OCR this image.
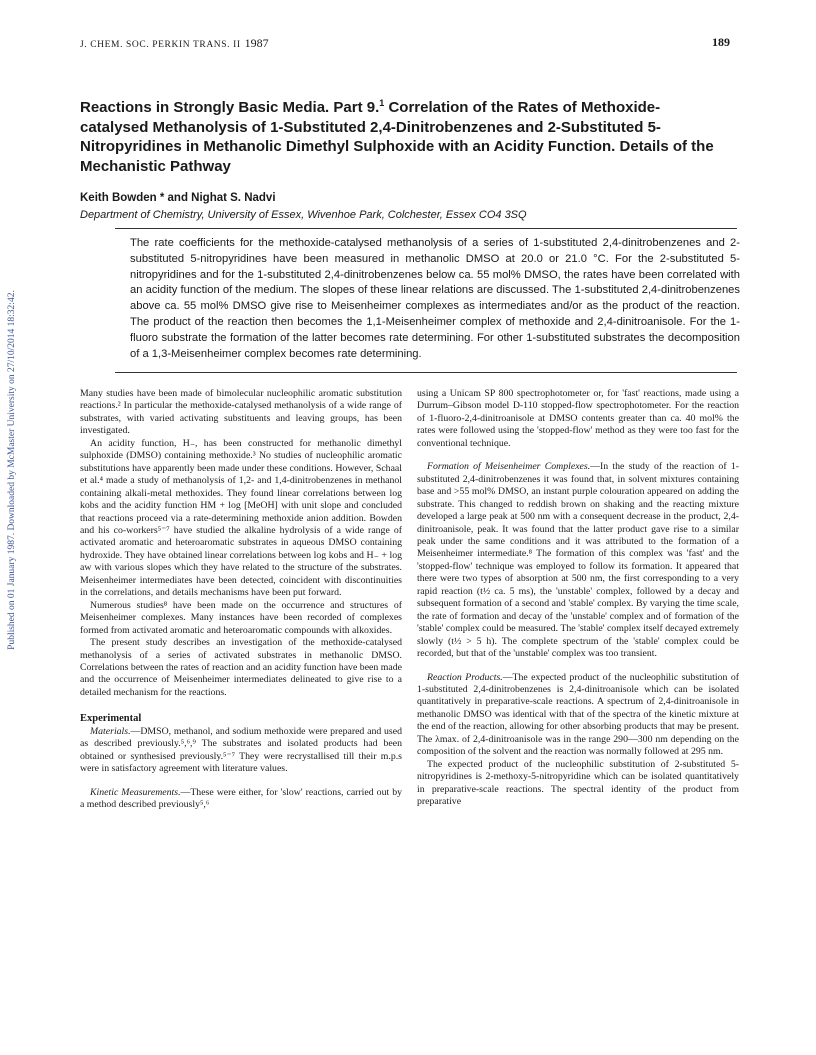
Published on 01 January 1987. Downloaded by McMaster University on 27/10/2014 18:32:42.
J. CHEM. SOC. PERKIN TRANS. II 1987	189
Reactions in Strongly Basic Media. Part 9.$^1$ Correlation of the Rates of Methoxide-catalysed Methanolysis of 1-Substituted 2,4-Dinitrobenzenes and 2-Substituted 5-Nitropyridines in Methanolic Dimethyl Sulphoxide with an Acidity Function. Details of the Mechanistic Pathway
Keith Bowden * and Nighat S. Nadvi
Department of Chemistry, University of Essex, Wivenhoe Park, Colchester, Essex CO4 3SQ

The rate coefficients for the methoxide-catalysed methanolysis of a series of 1-substituted 2,4-dinitrobenzenes and 2-substituted 5-nitropyridines have been measured in methanolic DMSO at 20.0 or 21.0 °C. For the 2-substituted 5-nitropyridines and for the 1-substituted 2,4-dinitrobenzenes below ca. 55 mol% DMSO, the rates have been correlated with an acidity function of the medium. The slopes of these linear relations are discussed. The 1-substituted 2,4-dinitrobenzenes above ca. 55 mol% DMSO give rise to Meisenheimer complexes as intermediates and/or as the product of the reaction. The product of the reaction then becomes the 1,1-Meisenheimer complex of methoxide and 2,4-dinitroanisole. For the 1-fluoro substrate the formation of the latter becomes rate determining. For other 1-substituted substrates the decomposition of a 1,3-Meisenheimer complex becomes rate determining.

Many studies have been made of bimolecular nucleophilic aromatic substitution reactions.² In particular the methoxide-catalysed methanolysis of a wide range of substrates, with varied activating substituents and leaving groups, has been investigated.

An acidity function, H₋, has been constructed for methanolic dimethyl sulphoxide (DMSO) containing methoxide.³ No studies of nucleophilic aromatic substitutions have apparently been made under these conditions. However, Schaal et al.⁴ made a study of methanolysis of 1,2- and 1,4-dinitrobenzenes in methanol containing alkali-metal methoxides. They found linear correlations between log kobs and the acidity function HM + log [MeOH] with unit slope and concluded that reactions proceed via a rate-determining methoxide anion addition. Bowden and his co-workers⁵⁻⁷ have studied the alkaline hydrolysis of a wide range of activated aromatic and heteroaromatic substrates in aqueous DMSO containing hydroxide. They have obtained linear correlations between log kobs and H₋ + log aw with various slopes which they have related to the structure of the substrates. Meisenheimer intermediates have been detected, coincident with discontinuities in the correlations, and details mechanisms have been put forward.

Numerous studies⁸ have been made on the occurrence and structures of Meisenheimer complexes. Many instances have been recorded of complexes formed from activated aromatic and heteroaromatic compounds with alkoxides.

The present study describes an investigation of the methoxide-catalysed methanolysis of a series of activated substrates in methanolic DMSO. Correlations between the rates of reaction and an acidity function have been made and the occurrence of Meisenheimer intermediates delineated to give rise to a detailed mechanism for the reactions.

Experimental

Materials.—DMSO, methanol, and sodium methoxide were prepared and used as described previously.⁵,⁶,⁹ The substrates and isolated products had been obtained or synthesised previously.⁵⁻⁷ They were recrystallised till their m.p.s were in satisfactory agreement with literature values.

Kinetic Measurements.—These were either, for 'slow' reactions, carried out by a method described previously⁵,⁶

using a Unicam SP 800 spectrophotometer or, for 'fast' reactions, made using a Durrum–Gibson model D-110 stopped-flow spectrophotometer. For the reaction of 1-fluoro-2,4-dinitroanisole at DMSO contents greater than ca. 40 mol% the rates were followed using the 'stopped-flow' method as they were too fast for the conventional technique.

Formation of Meisenheimer Complexes.—In the study of the reaction of 1-substituted 2,4-dinitrobenzenes it was found that, in solvent mixtures containing base and >55 mol% DMSO, an instant purple colouration appeared on adding the substrate. This changed to reddish brown on shaking and the reacting mixture developed a large peak at 500 nm with a consequent decrease in the product, 2,4-dinitroanisole, peak. It was found that the latter product gave rise to a similar peak under the same conditions and it was attributed to the formation of a Meisenheimer intermediate.⁸ The formation of this complex was 'fast' and the 'stopped-flow' technique was employed to follow its formation. It appeared that there were two types of absorption at 500 nm, the first corresponding to a very rapid reaction (t½ ca. 5 ms), the 'unstable' complex, followed by a decay and subsequent formation of a second and 'stable' complex. By varying the time scale, the rate of formation and decay of the 'unstable' complex and of formation of the 'stable' complex could be measured. The 'stable' complex itself decayed extremely slowly (t½ > 5 h). The complete spectrum of the 'stable' complex could be recorded, but that of the 'unstable' complex was too transient.

Reaction Products.—The expected product of the nucleophilic substitution of 1-substituted 2,4-dinitrobenzenes is 2,4-dinitroanisole which can be isolated quantitatively in preparative-scale reactions. A spectrum of 2,4-dinitroanisole in methanolic DMSO was identical with that of the spectra of the kinetic mixture at the end of the reaction, allowing for other absorbing products that may be present. The λmax. of 2,4-dinitroanisole was in the range 290—300 nm depending on the composition of the solvent and the reaction was normally followed at 295 nm.

The expected product of the nucleophilic substitution of 2-substituted 5-nitropyridines is 2-methoxy-5-nitropyridine which can be isolated quantitatively in preparative-scale reactions. The spectral identity of the product from preparative
